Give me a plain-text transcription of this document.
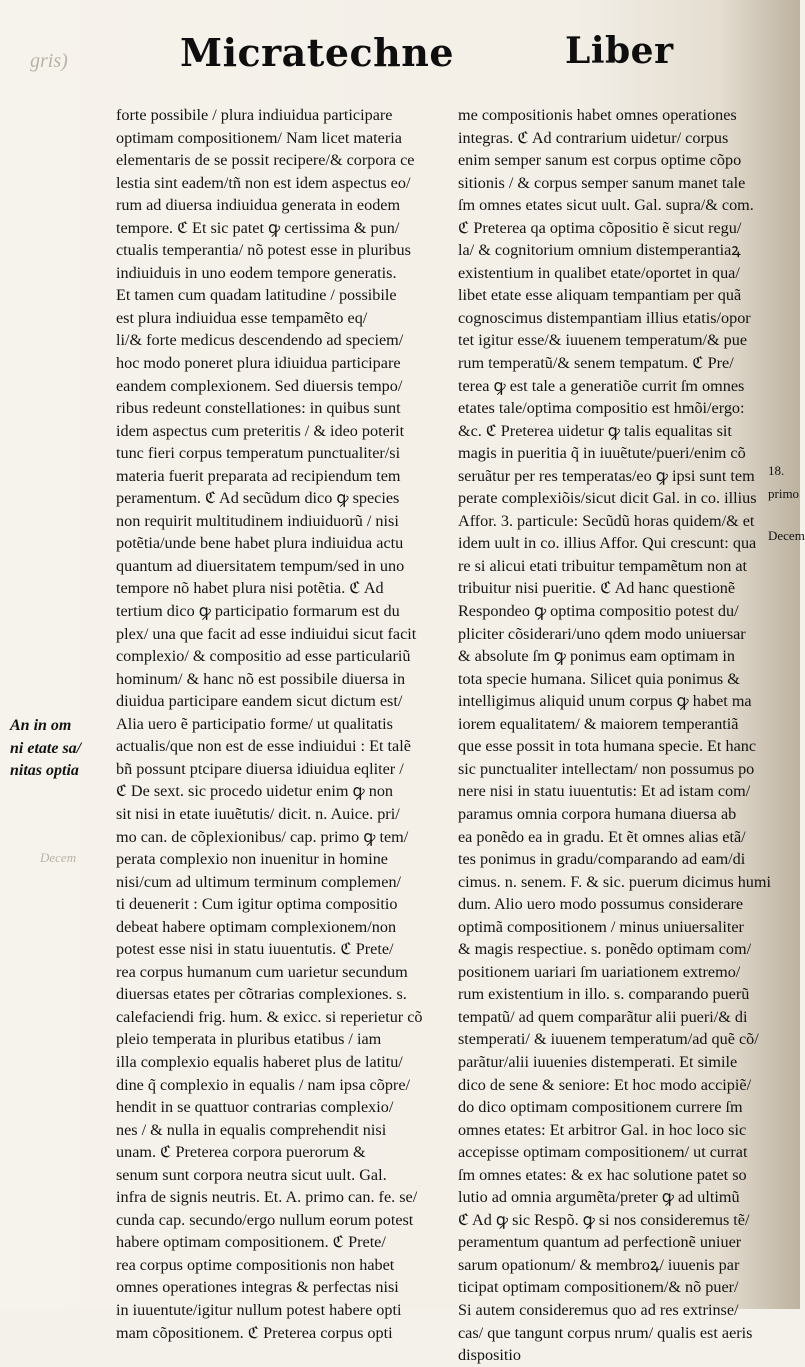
gris)
Decem
Micratechne	Liber
forte possibile / plura indiuidua participare
optimam compositionem/ Nam licet materia
elementaris de se possit recipere/& corpora ce
lestia sint eadem/tñ non est idem aspectus eo/
rum ad diuersa indiuidua generata in eodem
tempore. ℭ Et sic patet ꝙ certissima & pun/
ctualis temperantia/ nõ potest esse in pluribus
indiuiduis in uno eodem tempore generatis.
Et tamen cum quadam latitudine / possibile
est plura indiuidua esse tempamẽto eq/
li/& forte medicus descendendo ad speciem/
hoc modo poneret plura idiuidua participare
eandem complexionem. Sed diuersis tempo/
ribus redeunt constellationes: in quibus sunt
idem aspectus cum preteritis / & ideo poterit
tunc fieri corpus temperatum punctualiter/si
materia fuerit preparata ad recipiendum tem
peramentum. ℭ Ad secũdum dico ꝙ species
non requirit multitudinem indiuiduorũ / nisi
potẽtia/unde bene habet plura indiuidua actu
quantum ad diuersitatem tempum/sed in uno
tempore nõ habet plura nisi potẽtia. ℭ Ad
tertium dico ꝙ participatio formarum est du
plex/ una que facit ad esse indiuidui sicut facit
complexio/ & compositio ad esse particulariũ
hominum/ & hanc nõ est possibile diuersa in
diuidua participare eandem sicut dictum est/
Alia uero ẽ participatio forme/ ut qualitatis
actualis/que non est de esse indiuidui : Et talẽ
bñ possunt ptcipare diuersa idiuidua eqliter /
ℭ De sext. sic procedo uidetur enim ꝙ non
sit nisi in etate iuuẽtutis/ dicit. n. Auice. pri/
mo can. de cõplexionibus/ cap. primo ꝙ tem/
perata complexio non inuenitur in homine
nisi/cum ad ultimum terminum complemen/
ti deuenerit : Cum igitur optima compositio
debeat habere optimam complexionem/non
potest esse nisi in statu iuuentutis. ℭ Prete/
rea corpus humanum cum uarietur secundum
diuersas etates per cõtrarias complexiones. s.
calefaciendi frig. hum. & exicc. si reperietur cõ
pleio temperata in pluribus etatibus / iam
illa complexio equalis haberet plus de latitu/
dine q̃ complexio in equalis / nam ipsa cõpre/
hendit in se quattuor contrarias complexio/
nes / & nulla in equalis comprehendit nisi
unam. ℭ Preterea corpora puerorum &
senum sunt corpora neutra sicut uult. Gal.
infra de signis neutris. Et. A. primo can. fe. se/
cunda cap. secundo/ergo nullum eorum potest
habere optimam compositionem. ℭ Prete/
rea corpus optime compositionis non habet
omnes operationes integras & perfectas nisi
in iuuentute/igitur nullum potest habere opti
mam cõpositionem. ℭ Preterea corpus opti
me compositionis habet omnes operationes
integras. ℭ Ad contrarium uidetur/ corpus
enim semper sanum est corpus optime cõpo
sitionis / & corpus semper sanum manet tale
ſm omnes etates sicut uult. Gal. supra/& com.
ℭ Preterea qa optima cõpositio ẽ sicut regu/
la/ & cognitorium omnium distemperantiaꝝ
existentium in qualibet etate/oportet in qua/
libet etate esse aliquam tempantiam per quã
cognoscimus distempantiam illius etatis/opor
tet igitur esse/& iuuenem temperatum/& pue
rum temperatũ/& senem tempatum. ℭ Pre/
terea ꝙ est tale a generatiõe currit ſm omnes
etates tale/optima compositio est hmõi/ergo:
&c. ℭ Preterea uidetur ꝙ talis equalitas sit
magis in pueritia q̃ in iuuẽtute/pueri/enim cõ
seruãtur per res temperatas/eo ꝙ ipsi sunt tem
perate complexiõis/sicut dicit Gal. in co. illius
Affor. 3. particule: Secũdũ horas quidem/& et
idem uult in co. illius Affor. Qui crescunt: qua
re si alicui etati tribuitur tempamẽtum non at
tribuitur nisi pueritie. ℭ Ad hanc questionẽ
Respondeo ꝙ optima compositio potest du/
pliciter cõsiderari/uno qdem modo uniuersar
& absolute ſm ꝙ ponimus eam optimam in
tota specie humana. Silicet quia ponimus &
intelligimus aliquid unum corpus ꝙ habet ma
iorem equalitatem/ & maiorem temperantiã
que esse possit in tota humana specie. Et hanc
sic punctualiter intellectam/ non possumus po
nere nisi in statu iuuentutis: Et ad istam com/
paramus omnia corpora humana diuersa ab
ea ponẽdo ea in gradu. Et ẽt omnes alias etã/
tes ponimus in gradu/comparando ad eam/di
cimus. n. senem. F. & sic. puerum dicimus humi
dum. Alio uero modo possumus considerare
optimã compositionem / minus uniuersaliter
& magis respectiue. s. ponẽdo optimam com/
positionem uariari ſm uariationem extremo/
rum existentium in illo. s. comparando puerũ
tempatũ/ ad quem comparãtur alii pueri/& di
stemperati/ & iuuenem temperatum/ad quẽ cõ/
parãtur/alii iuuenies distemperati. Et simile
dico de sene & seniore: Et hoc modo accipiẽ/
do dico optimam compositionem currere ſm
omnes etates: Et arbitror Gal. in hoc loco sic
accepisse optimam compositionem/ ut currat
ſm omnes etates: & ex hac solutione patet so
lutio ad omnia argumẽta/preter ꝙ ad ultimũ
ℭ Ad ꝙ sic Respõ. ꝙ si nos consideremus tẽ/
peramentum quantum ad perfectionẽ uniuer
sarum opationum/ & membroꝝ/ iuuenis par
ticipat optimam compositionem/& nõ puer/
Si autem consideremus quo ad res extrinse/
cas/ que tangunt corpus nrum/ qualis est aeris
dispositio
An in om
ni etate sa/
nitas optia
18.
primo
Decem
